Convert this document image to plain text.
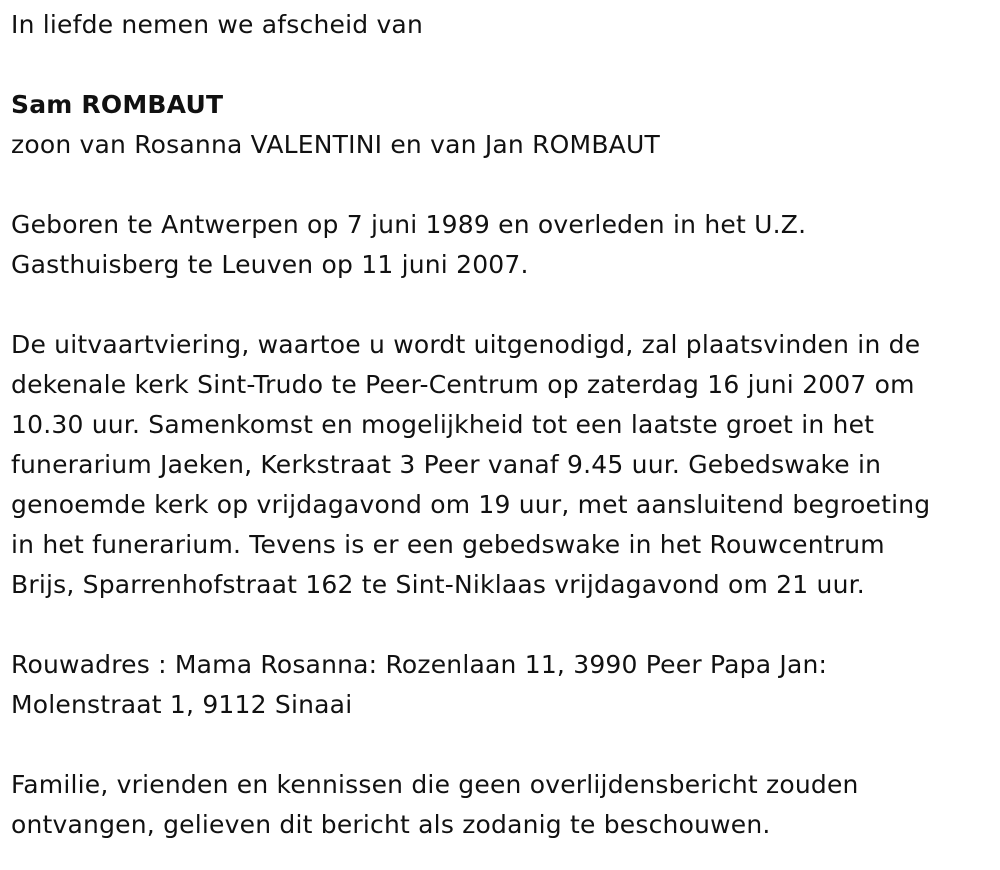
In liefde nemen we afscheid van

Sam ROMBAUT

zoon van Rosanna VALENTINI en van Jan ROMBAUT

Geboren te Antwerpen op 7 juni 1989 en overleden in het U.Z.

Gasthuisberg te Leuven op 11 juni 2007.

De uitvaartviering, waartoe u wordt uitgenodigd, zal plaatsvinden in de

dekenale kerk Sint-Trudo te Peer-Centrum op zaterdag 16 juni 2007 om

10.30 uur. Samenkomst en mogelijkheid tot een laatste groet in het

funerarium Jaeken, Kerkstraat 3 Peer vanaf 9.45 uur. Gebedswake in

genoemde kerk op vrijdagavond om 19 uur, met aansluitend begroeting

in het funerarium. Tevens is er een gebedswake in het Rouwcentrum

Brijs, Sparrenhofstraat 162 te Sint-Niklaas vrijdagavond om 21 uur.

Rouwadres : Mama Rosanna: Rozenlaan 11, 3990 Peer Papa Jan:

Molenstraat 1, 9112 Sinaai

Familie, vrienden en kennissen die geen overlijdensbericht zouden

ontvangen, gelieven dit bericht als zodanig te beschouwen.
